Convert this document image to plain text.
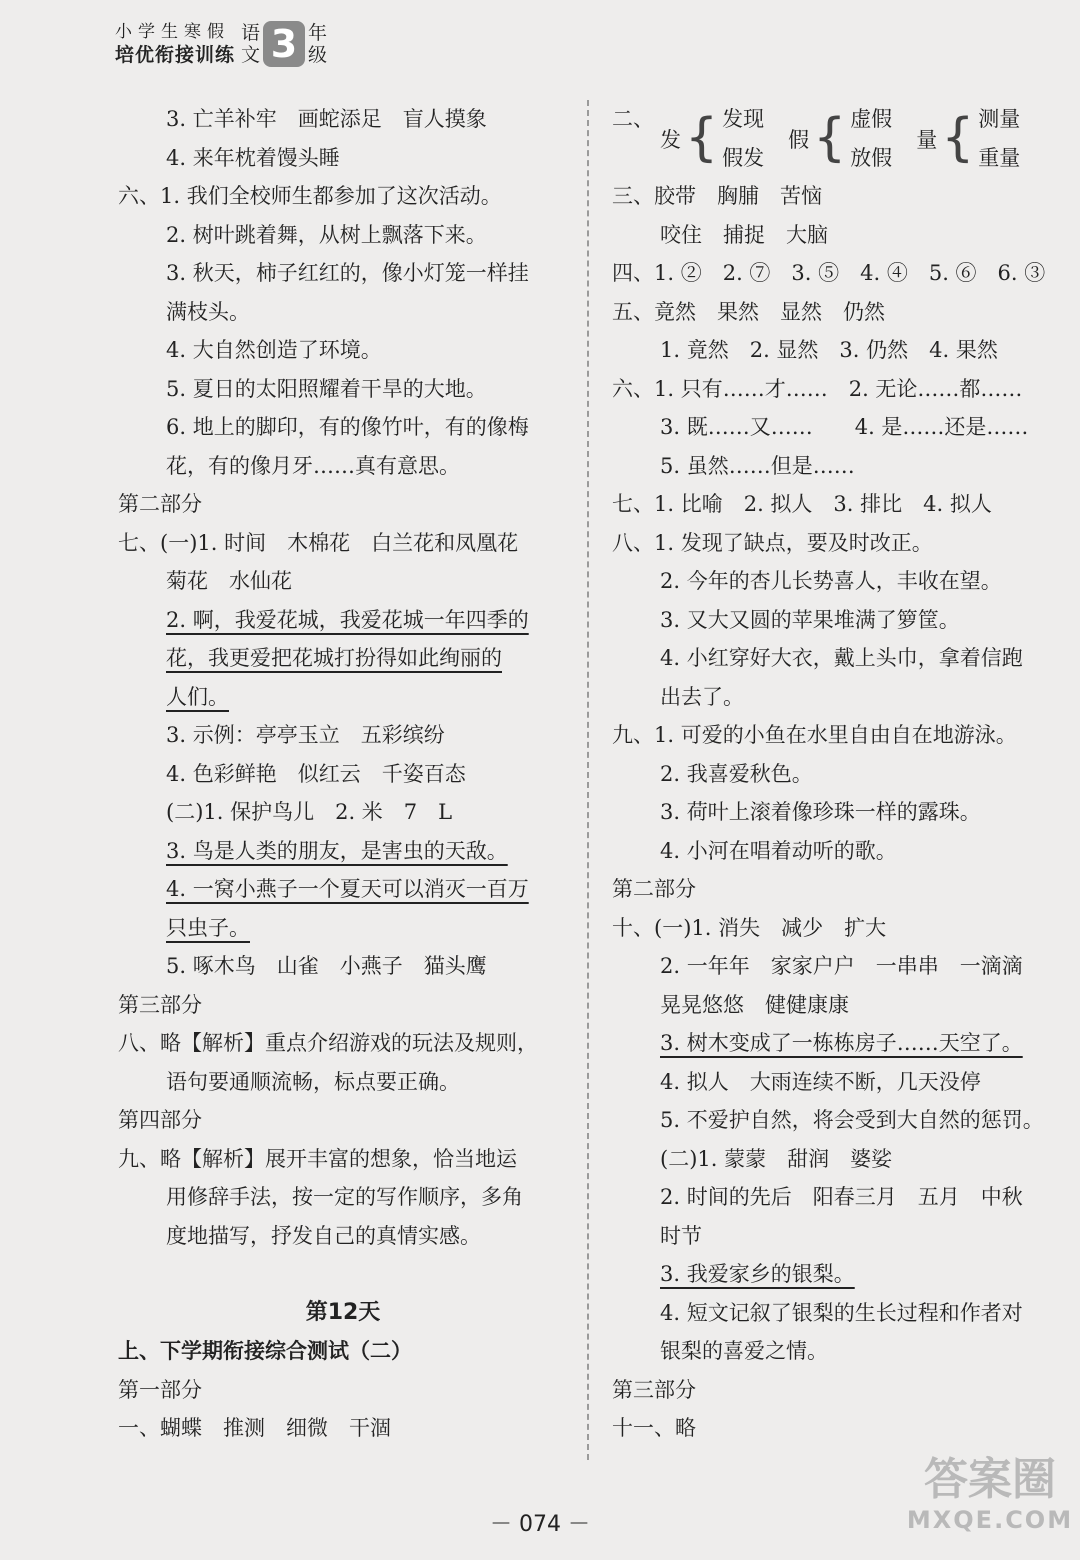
小学生寒假
培优衔接训练
语
文 3 年
级
3. 亡羊补牢　画蛇添足　盲人摸象
4. 来年枕着馒头睡
六、1. 我们全校师生都参加了这次活动。
2. 树叶跳着舞，从树上飘落下来。
3. 秋天，柿子红红的，像小灯笼一样挂
满枝头。
4. 大自然创造了环境。
5. 夏日的太阳照耀着干旱的大地。
6. 地上的脚印，有的像竹叶，有的像梅
花，有的像月牙……真有意思。
第二部分
七、(一)1. 时间　木棉花　白兰花和凤凰花
菊花　水仙花
2. 啊，我爱花城，我爱花城一年四季的
花，我更爱把花城打扮得如此绚丽的
人们。
3. 示例：亭亭玉立　五彩缤纷
4. 色彩鲜艳　似红云　千姿百态
(二)1. 保护鸟儿　2. 米　7　L
3. 鸟是人类的朋友，是害虫的天敌。
4. 一窝小燕子一个夏天可以消灭一百万
只虫子。
5. 啄木鸟　山雀　小燕子　猫头鹰
第三部分
八、略【解析】重点介绍游戏的玩法及规则，
语句要通顺流畅，标点要正确。
第四部分
九、略【解析】展开丰富的想象，恰当地运
用修辞手法，按一定的写作顺序，多角
度地描写，抒发自己的真情实感。
第12天
上、下学期衔接综合测试（二）
第一部分
一、蝴蝶　推测　细微　干涸
二、
发 { 发现
假发
假 { 虚假
放假
量 { 测量
重量
三、胶带　胸脯　苦恼
咬住　捕捉　大脑
四、1. ②　2. ⑦　3. ⑤　4. ④　5. ⑥　6. ③
五、竟然　果然　显然　仍然
1. 竟然　2. 显然　3. 仍然　4. 果然
六、1. 只有……才……　2. 无论……都……
3. 既……又……　　4. 是……还是……
5. 虽然……但是……
七、1. 比喻　2. 拟人　3. 排比　4. 拟人
八、1. 发现了缺点，要及时改正。
2. 今年的杏儿长势喜人，丰收在望。
3. 又大又圆的苹果堆满了箩筐。
4. 小红穿好大衣，戴上头巾，拿着信跑
出去了。
九、1. 可爱的小鱼在水里自由自在地游泳。
2. 我喜爱秋色。
3. 荷叶上滚着像珍珠一样的露珠。
4. 小河在唱着动听的歌。
第二部分
十、(一)1. 消失　减少　扩大
2. 一年年　家家户户　一串串　一滴滴
晃晃悠悠　健健康康
3. 树木变成了一栋栋房子……天空了。
4. 拟人　大雨连续不断，几天没停
5. 不爱护自然，将会受到大自然的惩罚。
(二)1. 蒙蒙　甜润　婆娑
2. 时间的先后　阳春三月　五月　中秋
时节
3. 我爱家乡的银梨。
4. 短文记叙了银梨的生长过程和作者对
银梨的喜爱之情。
第三部分
十一、略
－ 074 －
答案圈
MXQE.COM
